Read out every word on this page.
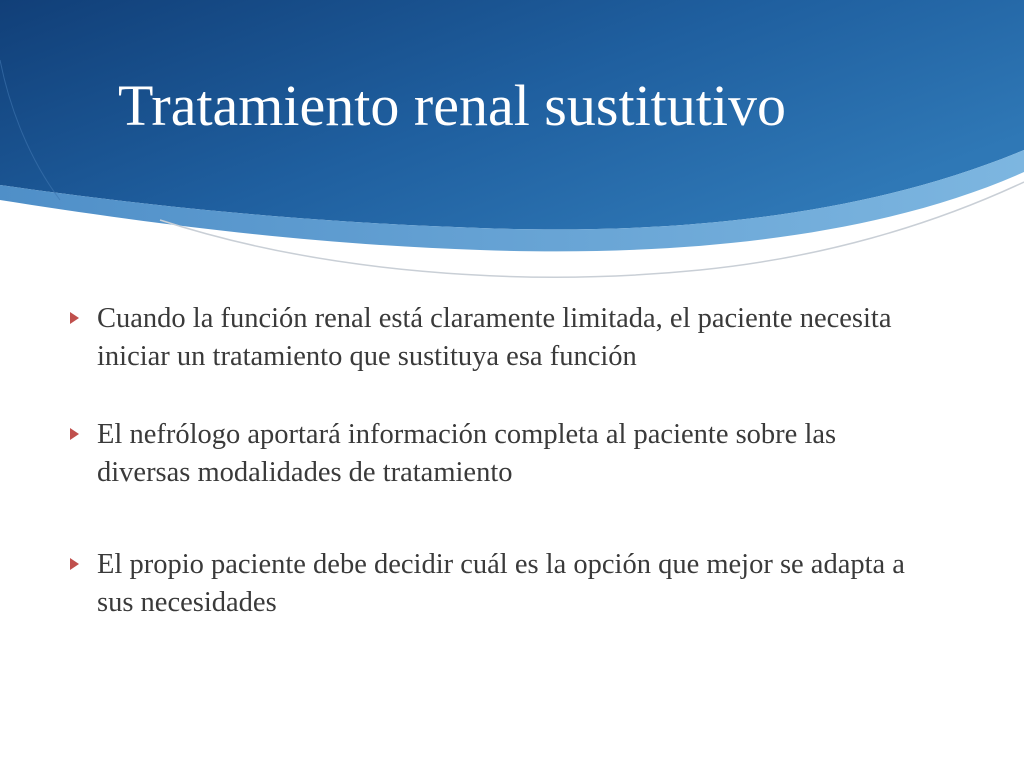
Tratamiento renal sustitutivo
Cuando la función renal está claramente limitada, el paciente necesita iniciar un tratamiento que sustituya esa función
El nefrólogo aportará información completa al paciente sobre las diversas modalidades de tratamiento
El propio paciente debe decidir cuál es la opción que mejor se adapta a sus necesidades
